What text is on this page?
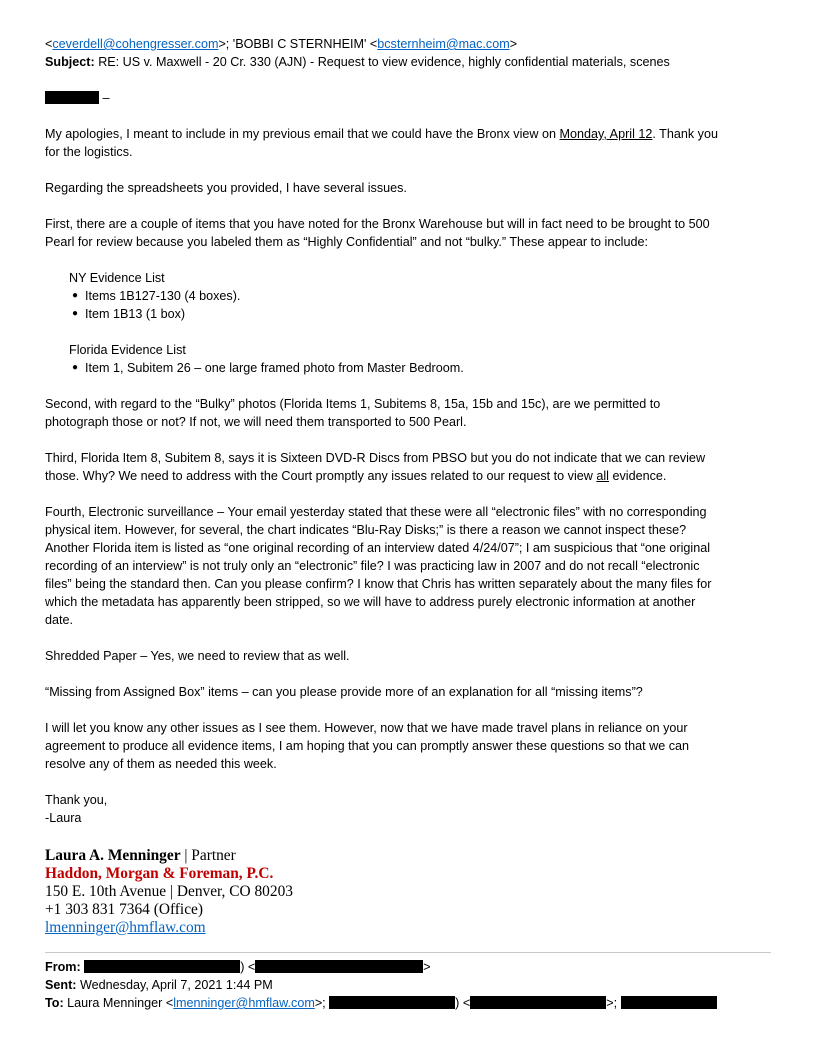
<ceverdell@cohengresser.com>; 'BOBBI C STERNHEIM' <bcsternheim@mac.com>
Subject: RE: US v. Maxwell - 20 Cr. 330 (AJN) - Request to view evidence, highly confidential materials, scenes
–
My apologies, I meant to include in my previous email that we could have the Bronx view on Monday, April 12. Thank you
for the logistics.
Regarding the spreadsheets you provided, I have several issues.
First, there are a couple of items that you have noted for the Bronx Warehouse but will in fact need to be brought to 500
Pearl for review because you labeled them as “Highly Confidential” and not “bulky.” These appear to include:
NY Evidence List
● Items 1B127-130 (4 boxes).
● Item 1B13 (1 box)
Florida Evidence List
● Item 1, Subitem 26 – one large framed photo from Master Bedroom.
Second, with regard to the “Bulky” photos (Florida Items 1, Subitems 8, 15a, 15b and 15c), are we permitted to
photograph those or not? If not, we will need them transported to 500 Pearl.
Third, Florida Item 8, Subitem 8, says it is Sixteen DVD-R Discs from PBSO but you do not indicate that we can review
those. Why? We need to address with the Court promptly any issues related to our request to view all evidence.
Fourth, Electronic surveillance – Your email yesterday stated that these were all “electronic files” with no corresponding
physical item. However, for several, the chart indicates “Blu-Ray Disks;” is there a reason we cannot inspect these?
Another Florida item is listed as “one original recording of an interview dated 4/24/07”; I am suspicious that “one original
recording of an interview” is not truly only an “electronic” file? I was practicing law in 2007 and do not recall “electronic
files” being the standard then. Can you please confirm? I know that Chris has written separately about the many files for
which the metadata has apparently been stripped, so we will have to address purely electronic information at another
date.
Shredded Paper – Yes, we need to review that as well.
“Missing from Assigned Box” items – can you please provide more of an explanation for all “missing items”?
I will let you know any other issues as I see them. However, now that we have made travel plans in reliance on your
agreement to produce all evidence items, I am hoping that you can promptly answer these questions so that we can
resolve any of them as needed this week.
Thank you,
-Laura
Laura A. Menninger | Partner
Haddon, Morgan & Foreman, P.C.
150 E. 10th Avenue | Denver, CO 80203
+1 303 831 7364 (Office)
lmenninger@hmflaw.com
From:	) <	>
Sent: Wednesday, April 7, 2021 1:44 PM
To: Laura Menninger <lmenninger@hmflaw.com>;	) <	>;
